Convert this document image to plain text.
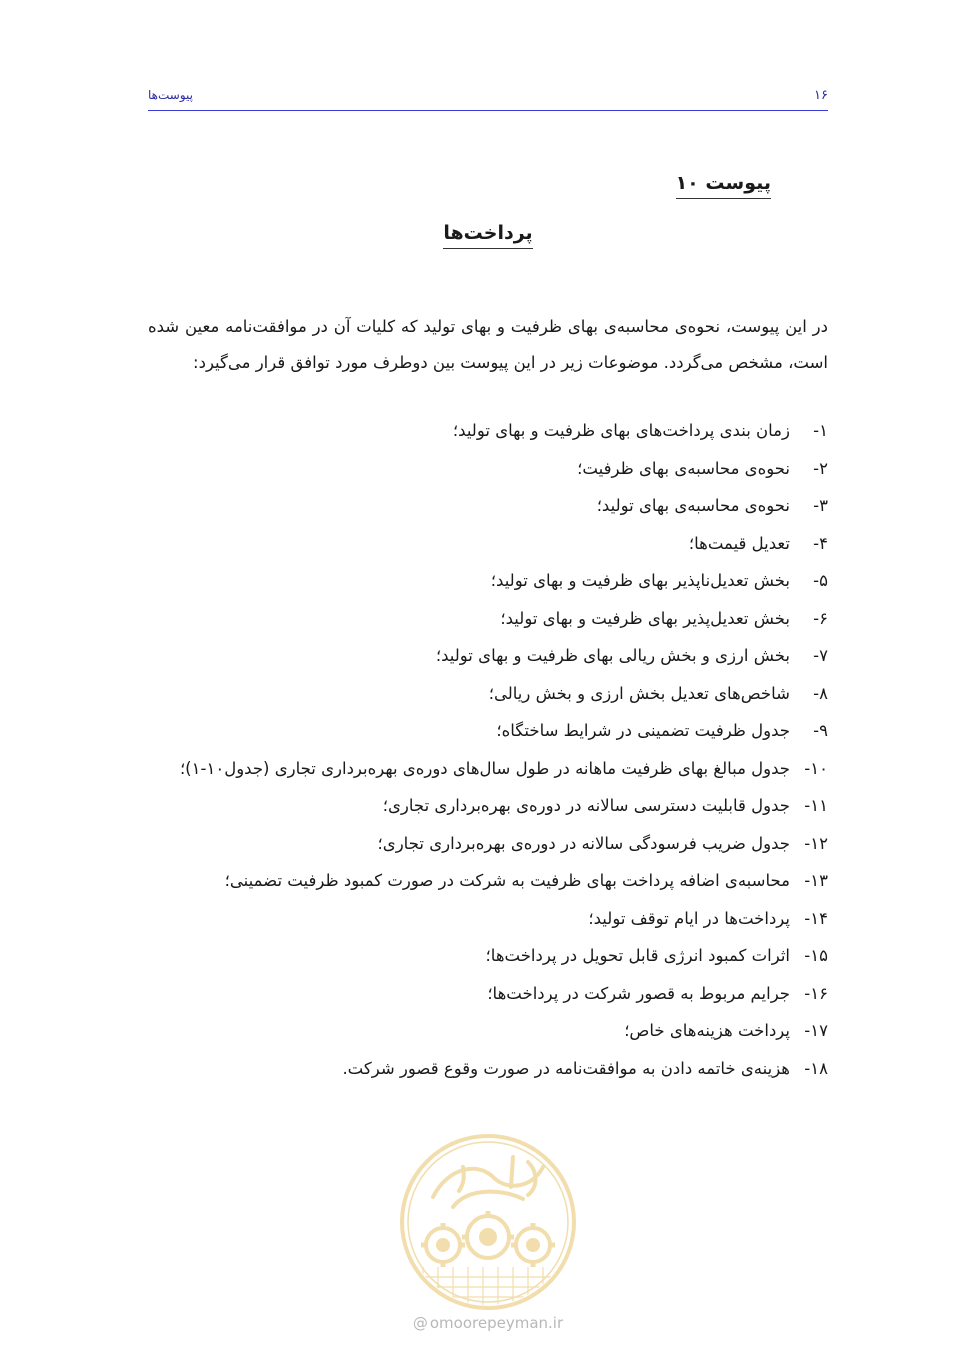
۱۶
پیوست‌ها
پیوست ۱۰
پرداخت‌ها

در این پیوست، نحوه‌ی محاسبه‌ی بهای ظرفیت و بهای تولید که کلیات آن در موافقت‌نامه معین شده است، مشخص می‌گردد. موضوعات زیر در این پیوست بین دوطرف مورد توافق قرار می‌گیرد:

۱-
زمان بندی پرداخت‌های بهای ظرفیت و بهای تولید؛
۲-
نحوه‌ی محاسبه‌ی بهای ظرفیت؛
۳-
نحوه‌ی محاسبه‌ی بهای تولید؛
۴-
تعدیل قیمت‌ها؛
۵-
بخش تعدیل‌ناپذیر بهای ظرفیت و بهای تولید؛
۶-
بخش تعدیل‌پذیر بهای ظرفیت و بهای تولید؛
۷-
بخش ارزی و بخش ریالی بهای ظرفیت و بهای تولید؛
۸-
شاخص‌های تعدیل بخش ارزی و بخش ریالی؛
۹-
جدول ظرفیت تضمینی در شرایط ساختگاه؛
۱۰-
جدول مبالغ بهای ظرفیت ماهانه در طول سال‌های دوره‌ی بهره‌برداری تجاری (جدول۱۰-۱)؛
۱۱-
جدول قابلیت دسترسی سالانه در دوره‌ی بهره‌برداری تجاری؛
۱۲-
جدول ضریب فرسودگی سالانه در دوره‌ی بهره‌برداری تجاری؛
۱۳-
محاسبه‌ی اضافه پرداخت بهای ظرفیت به شرکت در صورت کمبود ظرفیت تضمینی؛
۱۴-
پرداخت‌ها در ایام توقف تولید؛
۱۵-
اثرات کمبود انرژی قابل تحویل در پرداخت‌ها؛
۱۶-
جرایم مربوط به قصور شرکت در پرداخت‌ها؛
۱۷-
پرداخت هزینه‌های خاص؛
۱۸-
هزینه‌ی خاتمه دادن به موافقت‌نامه در صورت وقوع قصور شرکت.
@ omoorepeyman.ir
